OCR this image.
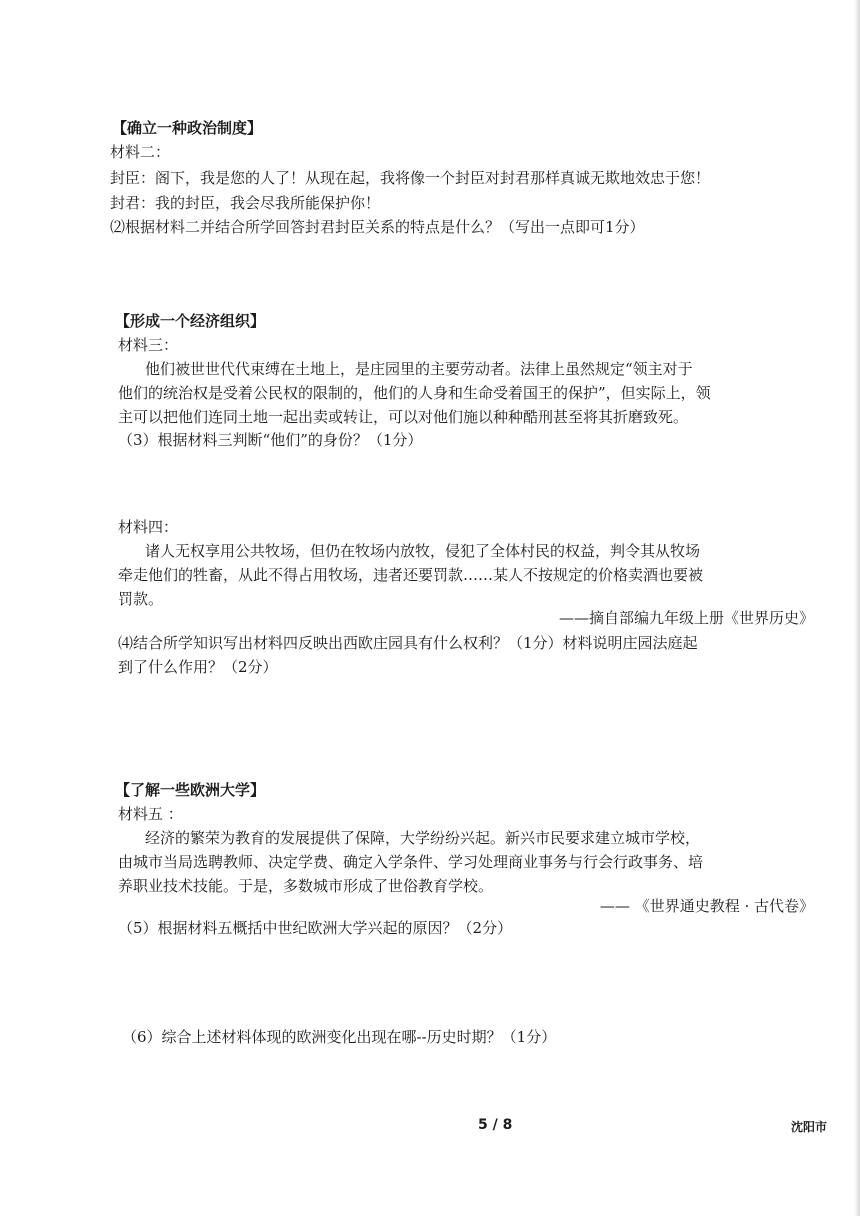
【确立一种政治制度】
材料二：
封臣：阁下，我是您的人了！从现在起，我将像一个封臣对封君那样真诚无欺地效忠于您！
封君：我的封臣，我会尽我所能保护你！
⑵根据材料二并结合所学回答封君封臣关系的特点是什么？（写出一点即可1分）
【形成一个经济组织】
材料三：
他们被世世代代束缚在土地上，是庄园里的主要劳动者。法律上虽然规定“领主对于
他们的统治权是受着公民权的限制的，他们的人身和生命受着国王的保护”，但实际上，领
主可以把他们连同土地一起出卖或转让，可以对他们施以种种酷刑甚至将其折磨致死。
（3）根据材料三判断“他们”的身份？（1分）
材料四：
诸人无权享用公共牧场，但仍在牧场内放牧，侵犯了全体村民的权益，判令其从牧场
牵走他们的牲畜，从此不得占用牧场，违者还要罚款……某人不按规定的价格卖酒也要被
罚款。
——摘自部编九年级上册《世界历史》
⑷结合所学知识写出材料四反映出西欧庄园具有什么权利？（1分）材料说明庄园法庭起
到了什么作用？（2分）
【了解一些欧洲大学】
材料五 ：
经济的繁荣为教育的发展提供了保障，大学纷纷兴起。新兴市民要求建立城市学校，
由城市当局选聘教师、决定学费、确定入学条件、学习处理商业事务与行会行政事务、培
养职业技术技能。于是，多数城市形成了世俗教育学校。
—— 《世界通史教程 · 古代卷》
（5）根据材料五概括中世纪欧洲大学兴起的原因？（2分）
（6）综合上述材料体现的欧洲变化出现在哪--历史时期？（1分）
5 / 8	沈阳市
